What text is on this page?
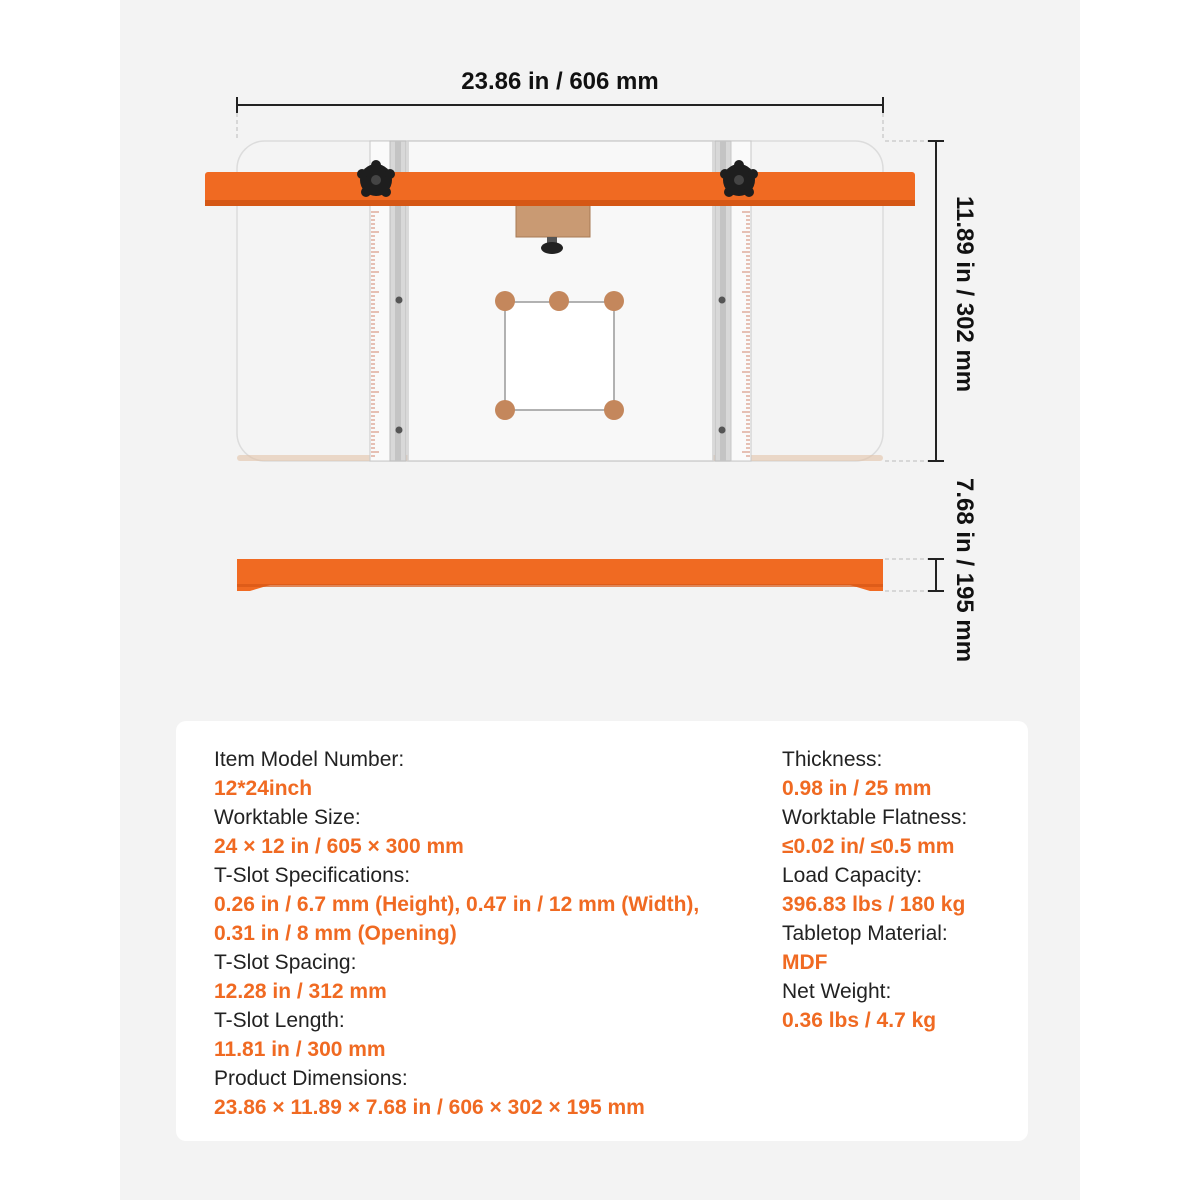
23.86 in / 606 mm
11.89 in / 302 mm
7.68 in / 195 mm
Item Model Number:
12*24inch
Worktable Size:
24 × 12 in / 605 × 300 mm
T-Slot Specifications:
0.26 in / 6.7 mm (Height), 0.47 in / 12 mm (Width),
0.31 in / 8 mm (Opening)
T-Slot Spacing:
12.28 in / 312 mm
T-Slot Length:
11.81 in / 300 mm
Product Dimensions:
23.86 × 11.89 × 7.68 in / 606 × 302 × 195 mm
Thickness:
0.98 in / 25 mm
Worktable Flatness:
≤0.02 in/ ≤0.5 mm
Load Capacity:
396.83 lbs / 180 kg
Tabletop Material:
MDF
Net Weight:
0.36 lbs / 4.7 kg
